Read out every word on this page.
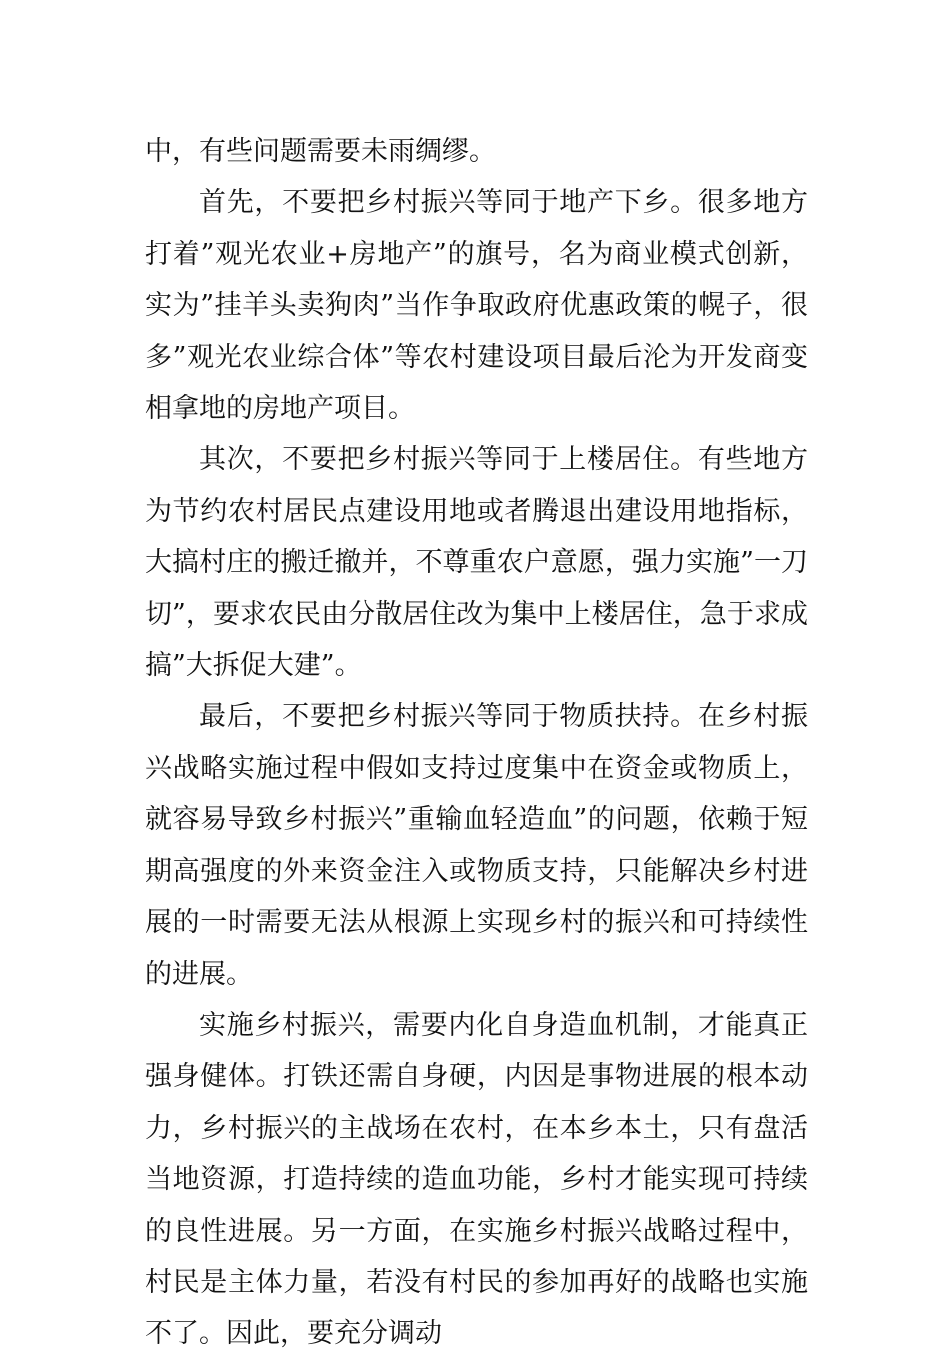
中，有些问题需要未雨绸缪。

首先，不要把乡村振兴等同于地产下乡。很多地方打着”观光农业+房地产”的旗号，名为商业模式创新，实为”挂羊头卖狗肉”当作争取政府优惠政策的幌子，很多”观光农业综合体”等农村建设项目最后沦为开发商变相拿地的房地产项目。

其次，不要把乡村振兴等同于上楼居住。有些地方为节约农村居民点建设用地或者腾退出建设用地指标，大搞村庄的搬迁撤并，不尊重农户意愿，强力实施”一刀切”，要求农民由分散居住改为集中上楼居住，急于求成搞”大拆促大建”。

最后，不要把乡村振兴等同于物质扶持。在乡村振兴战略实施过程中假如支持过度集中在资金或物质上，就容易导致乡村振兴”重输血轻造血”的问题，依赖于短期高强度的外来资金注入或物质支持，只能解决乡村进展的一时需要无法从根源上实现乡村的振兴和可持续性的进展。

实施乡村振兴，需要内化自身造血机制，才能真正强身健体。打铁还需自身硬，内因是事物进展的根本动力，乡村振兴的主战场在农村，在本乡本土，只有盘活当地资源，打造持续的造血功能，乡村才能实现可持续的良性进展。另一方面，在实施乡村振兴战略过程中，村民是主体力量，若没有村民的参加再好的战略也实施不了。因此，要充分调动
